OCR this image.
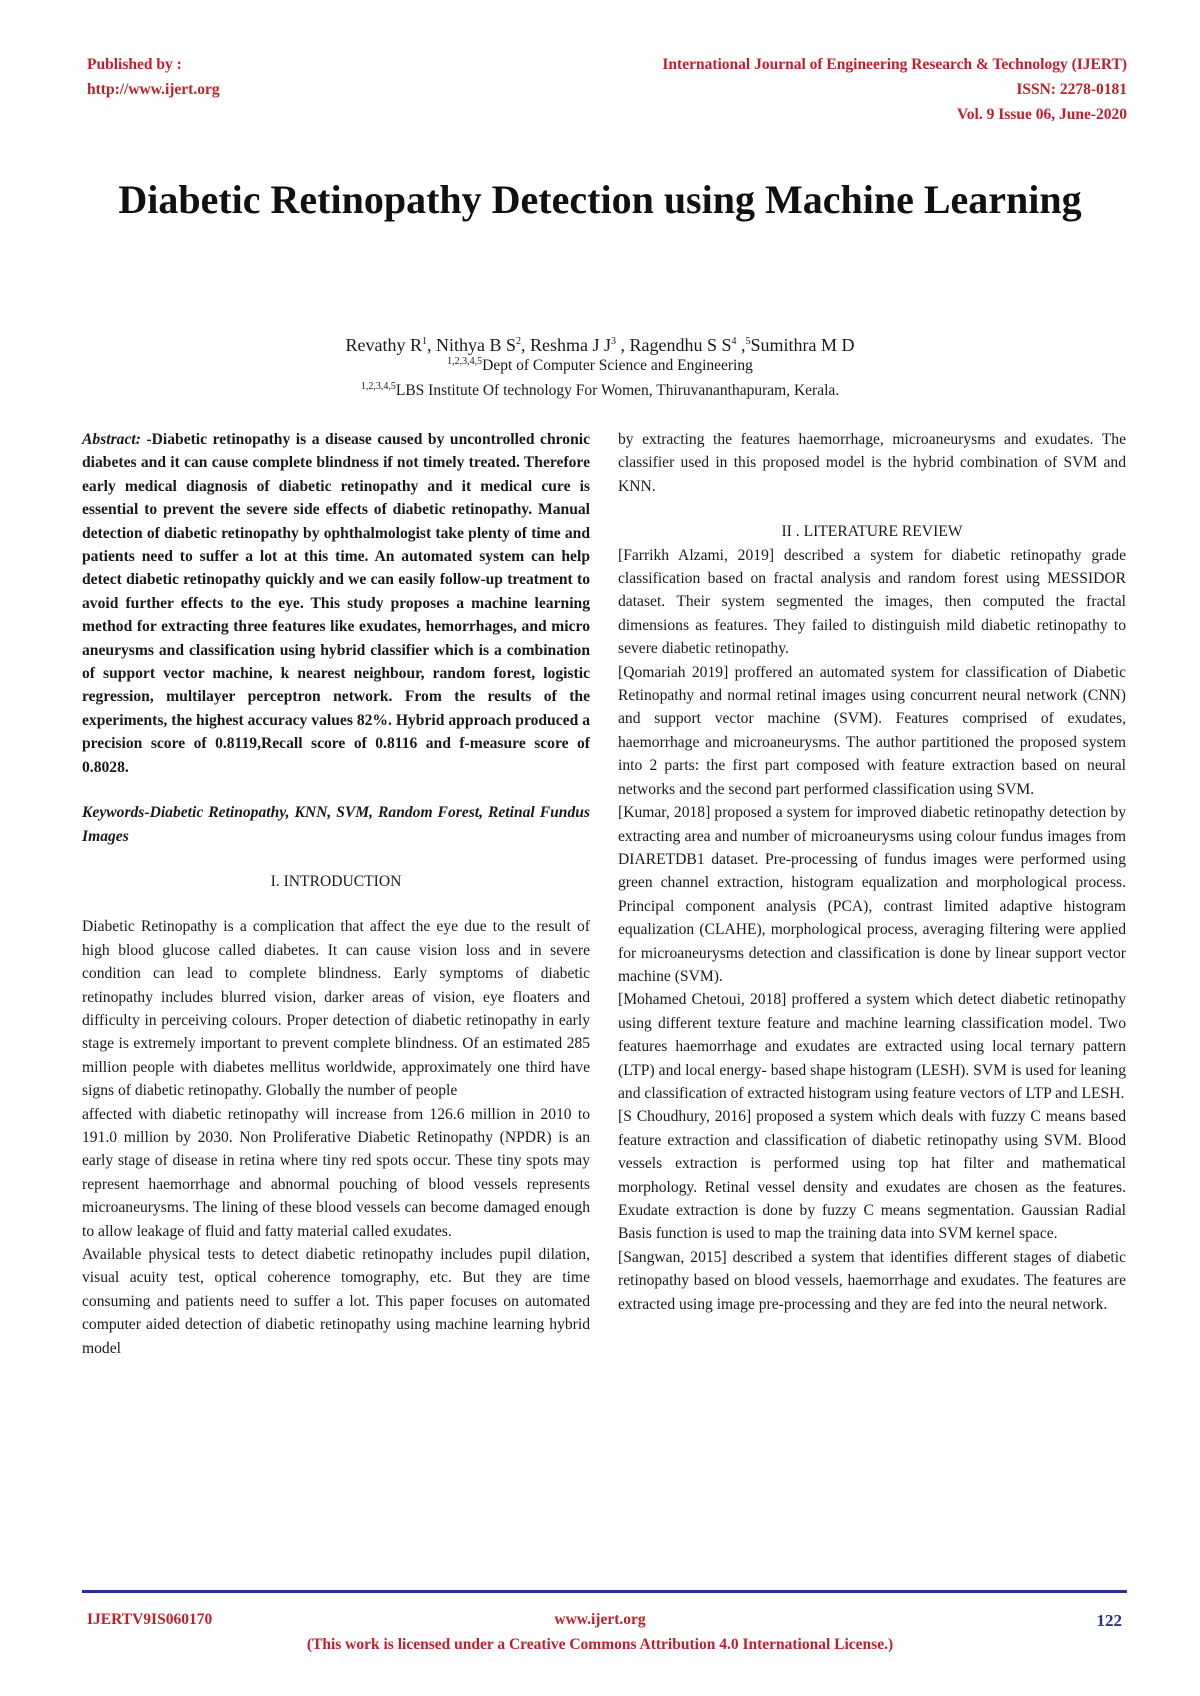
Published by :
http://www.ijert.org
International Journal of Engineering Research & Technology (IJERT)
ISSN: 2278-0181
Vol. 9 Issue 06, June-2020
Diabetic Retinopathy Detection using Machine Learning
Revathy $R^1$, Nithya B $S^2$, Reshma J $J^3$ , Ragendhu S $S^4$ ,$^5$Sumithra M D
$^{1,2,3,4,5}$Dept of Computer Science and Engineering
$^{1,2,3,4,5}$LBS Institute Of technology For Women, Thiruvananthapuram, Kerala.

Abstract: -Diabetic retinopathy is a disease caused by uncontrolled chronic diabetes and it can cause complete blindness if not timely treated. Therefore early medical diagnosis of diabetic retinopathy and it medical cure is essential to prevent the severe side effects of diabetic retinopathy. Manual detection of diabetic retinopathy by ophthalmologist take plenty of time and patients need to suffer a lot at this time. An automated system can help detect diabetic retinopathy quickly and we can easily follow-up treatment to avoid further effects to the eye. This study proposes a machine learning method for extracting three features like exudates, hemorrhages, and micro aneurysms and classification using hybrid classifier which is a combination of support vector machine, k nearest neighbour, random forest, logistic regression, multilayer perceptron network. From the results of the experiments, the highest accuracy values 82%. Hybrid approach produced a precision score of 0.8119,Recall score of 0.8116 and f-measure score of 0.8028.

Keywords-Diabetic Retinopathy, KNN, SVM, Random Forest, Retinal Fundus Images

I. INTRODUCTION

Diabetic Retinopathy is a complication that affect the eye due to the result of high blood glucose called diabetes. It can cause vision loss and in severe condition can lead to complete blindness. Early symptoms of diabetic retinopathy includes blurred vision, darker areas of vision, eye floaters and difficulty in perceiving colours. Proper detection of diabetic retinopathy in early stage is extremely important to prevent complete blindness. Of an estimated 285 million people with diabetes mellitus worldwide, approximately one third have signs of diabetic retinopathy. Globally the number of people

affected with diabetic retinopathy will increase from 126.6 million in 2010 to 191.0 million by 2030. Non Proliferative Diabetic Retinopathy (NPDR) is an early stage of disease in retina where tiny red spots occur. These tiny spots may represent haemorrhage and abnormal pouching of blood vessels represents microaneurysms. The lining of these blood vessels can become damaged enough to allow leakage of fluid and fatty material called exudates.

Available physical tests to detect diabetic retinopathy includes pupil dilation, visual acuity test, optical coherence tomography, etc. But they are time consuming and patients need to suffer a lot. This paper focuses on automated computer aided detection of diabetic retinopathy using machine learning hybrid model

by extracting the features haemorrhage, microaneurysms and exudates. The classifier used in this proposed model is the hybrid combination of SVM and KNN.

II . LITERATURE REVIEW

[Farrikh Alzami, 2019] described a system for diabetic retinopathy grade classification based on fractal analysis and random forest using MESSIDOR dataset. Their system segmented the images, then computed the fractal dimensions as features. They failed to distinguish mild diabetic retinopathy to severe diabetic retinopathy.

[Qomariah 2019] proffered an automated system for classification of Diabetic Retinopathy and normal retinal images using concurrent neural network (CNN) and support vector machine (SVM). Features comprised of exudates, haemorrhage and microaneurysms. The author partitioned the proposed system into 2 parts: the first part composed with feature extraction based on neural networks and the second part performed classification using SVM.

[Kumar, 2018] proposed a system for improved diabetic retinopathy detection by extracting area and number of microaneurysms using colour fundus images from DIARETDB1 dataset. Pre-processing of fundus images were performed using green channel extraction, histogram equalization and morphological process. Principal component analysis (PCA), contrast limited adaptive histogram equalization (CLAHE), morphological process, averaging filtering were applied for microaneurysms detection and classification is done by linear support vector machine (SVM).

[Mohamed Chetoui, 2018] proffered a system which detect diabetic retinopathy using different texture feature and machine learning classification model. Two features haemorrhage and exudates are extracted using local ternary pattern (LTP) and local energy- based shape histogram (LESH). SVM is used for leaning and classification of extracted histogram using feature vectors of LTP and LESH.

[S Choudhury, 2016] proposed a system which deals with fuzzy C means based feature extraction and classification of diabetic retinopathy using SVM. Blood vessels extraction is performed using top hat filter and mathematical morphology. Retinal vessel density and exudates are chosen as the features. Exudate extraction is done by fuzzy C means segmentation. Gaussian Radial Basis function is used to map the training data into SVM kernel space.

[Sangwan, 2015] described a system that identifies different stages of diabetic retinopathy based on blood vessels, haemorrhage and exudates. The features are extracted using image pre-processing and they are fed into the neural network.

IJERTV9IS060170	www.ijert.org	122
(This work is licensed under a Creative Commons Attribution 4.0 International License.)
